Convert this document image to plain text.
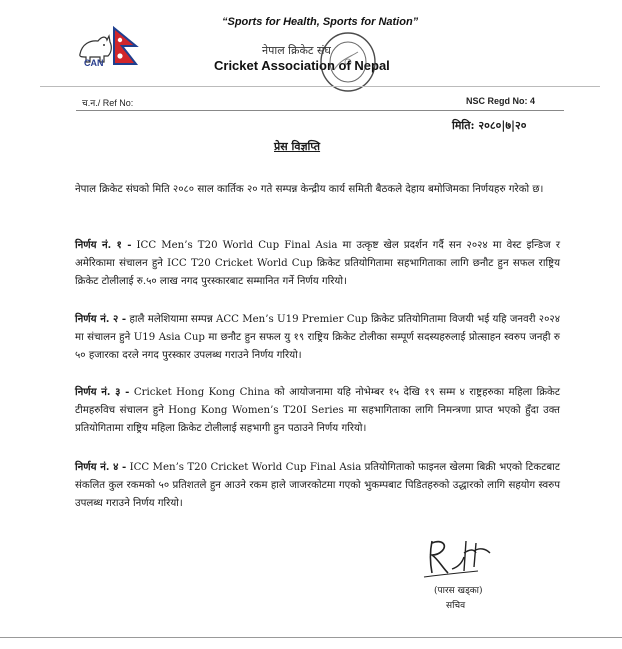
CAN
“Sports for Health, Sports for Nation”
नेपाल क्रिकेट संघ
Cricket Association of Nepal
च.न./ Ref No:	NSC Regd No: 4
मिति: २०८०|७|२०
प्रेस विज्ञप्ति
नेपाल क्रिकेट संघको मिति २०८० साल कार्तिक २० गते सम्पन्न केन्द्रीय कार्य समिती बैठकले देहाय बमोजिमका निर्णयहरु गरेको छ।
निर्णय नं. १ - ICC Men’s T20 World Cup Final Asia मा उत्कृष्ट खेल प्रदर्शन गर्दै सन २०२४ मा वेस्ट इन्डिज र अमेरिकामा संचालन हुने ICC T20 Cricket World Cup क्रिकेट प्रतियोगितामा सहभागिताका लागि छनौट हुन सफल राष्ट्रिय क्रिकेट टोलीलाई रु.५० लाख नगद पुरस्कारबाट सम्मानित गर्ने निर्णय गरियो।
निर्णय नं. २ - हालै मलेशियामा सम्पन्न ACC Men’s U19 Premier Cup क्रिकेट प्रतियोगितामा विजयी भई यहि जनवरी २०२४ मा संचालन हुने U19 Asia Cup मा छनौट हुन सफल यु १९ राष्ट्रिय क्रिकेट टोलीका सम्पूर्ण सदस्यहरुलाई प्रोत्साहन स्वरुप जनही रु ५० हजारका दरले नगद पुरस्कार उपलब्ध गराउने निर्णय गरियो।
निर्णय नं. ३ - Cricket Hong Kong China को आयोजनामा यहि नोभेम्बर १५ देखि १९ सम्म ४ राष्ट्रहरुका महिला क्रिकेट टीमहरुविच संचालन हुने Hong Kong Women’s T20I Series मा सहभागिताका लागि निमन्त्रणा प्राप्त भएको हुँदा उक्त प्रतियोगितामा राष्ट्रिय महिला क्रिकेट टोलीलाई सहभागी हुन पठाउने निर्णय गरियो।
निर्णय नं. ४ - ICC Men’s T20 Cricket World Cup Final Asia प्रतियोगिताको फाइनल खेलमा बिक्री भएको टिकटबाट संकलित कुल रकमको ५० प्रतिशतले हुन आउने रकम हाले जाजरकोटमा गएको भुकम्पबाट पिडितहरुको उद्धारको लागि सहयोग स्वरुप उपलब्ध गराउने निर्णय गरियो।
(पारस खड्का)
सचिव
